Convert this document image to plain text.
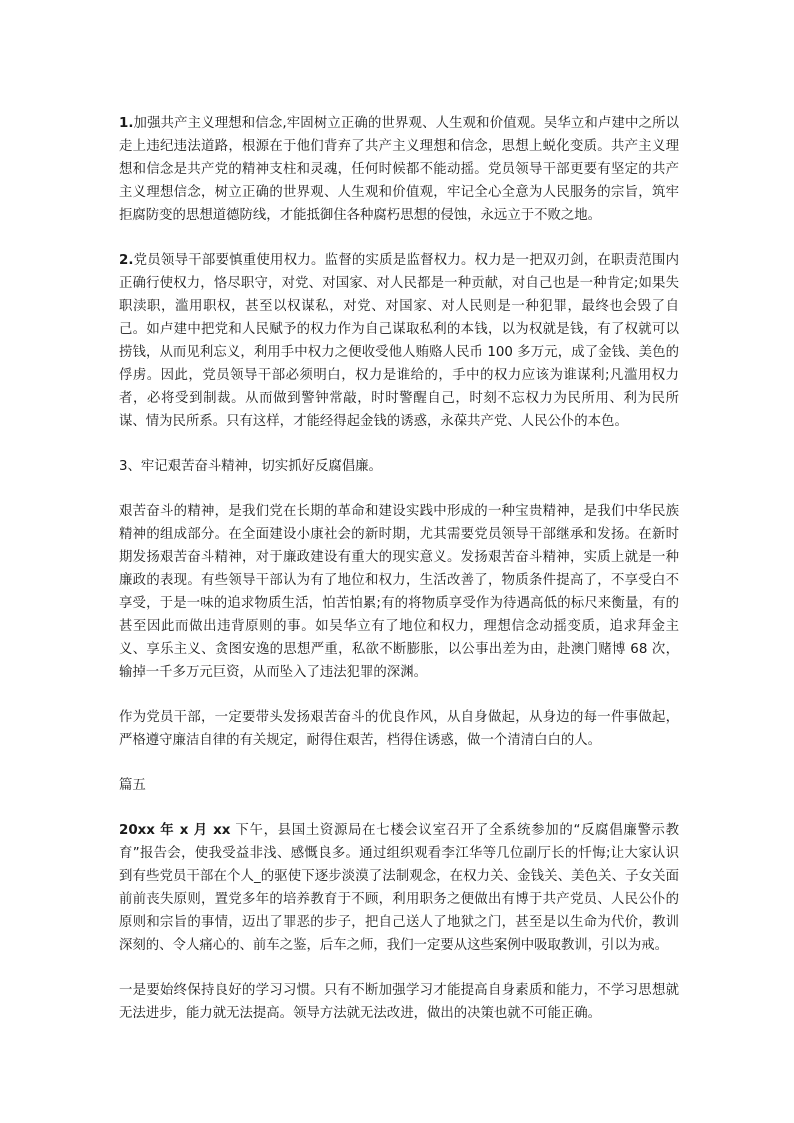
1.加强共产主义理想和信念,牢固树立正确的世界观、人生观和价值观。吴华立和卢建中之所以走上违纪违法道路，根源在于他们背弃了共产主义理想和信念，思想上蜕化变质。共产主义理想和信念是共产党的精神支柱和灵魂，任何时候都不能动摇。党员领导干部更要有坚定的共产主义理想信念，树立正确的世界观、人生观和价值观，牢记全心全意为人民服务的宗旨，筑牢拒腐防变的思想道德防线，才能抵御住各种腐朽思想的侵蚀，永远立于不败之地。

2.党员领导干部要慎重使用权力。监督的实质是监督权力。权力是一把双刃剑，在职责范围内正确行使权力，恪尽职守，对党、对国家、对人民都是一种贡献，对自己也是一种肯定;如果失职渎职，滥用职权，甚至以权谋私，对党、对国家、对人民则是一种犯罪，最终也会毁了自己。如卢建中把党和人民赋予的权力作为自己谋取私利的本钱，以为权就是钱，有了权就可以捞钱，从而见利忘义，利用手中权力之便收受他人贿赂人民币 100 多万元，成了金钱、美色的俘虏。因此，党员领导干部必须明白，权力是谁给的，手中的权力应该为谁谋利;凡滥用权力者，必将受到制裁。从而做到警钟常敲，时时警醒自己，时刻不忘权力为民所用、利为民所谋、情为民所系。只有这样，才能经得起金钱的诱惑，永葆共产党、人民公仆的本色。

3、牢记艰苦奋斗精神，切实抓好反腐倡廉。

艰苦奋斗的精神，是我们党在长期的革命和建设实践中形成的一种宝贵精神，是我们中华民族精神的组成部分。在全面建设小康社会的新时期，尤其需要党员领导干部继承和发扬。在新时期发扬艰苦奋斗精神，对于廉政建设有重大的现实意义。发扬艰苦奋斗精神，实质上就是一种廉政的表现。有些领导干部认为有了地位和权力，生活改善了，物质条件提高了，不享受白不享受，于是一味的追求物质生活，怕苦怕累;有的将物质享受作为待遇高低的标尺来衡量，有的甚至因此而做出违背原则的事。如吴华立有了地位和权力，理想信念动摇变质，追求拜金主义、享乐主义、贪图安逸的思想严重，私欲不断膨胀，以公事出差为由，赴澳门赌博 68 次，输掉一千多万元巨资，从而坠入了违法犯罪的深渊。

作为党员干部，一定要带头发扬艰苦奋斗的优良作风，从自身做起，从身边的每一件事做起，严格遵守廉洁自律的有关规定，耐得住艰苦，档得住诱惑，做一个清清白白的人。

篇五

20xx 年 x 月 xx 下午，县国土资源局在七楼会议室召开了全系统参加的“反腐倡廉警示教育”报告会，使我受益非浅、感慨良多。通过组织观看李江华等几位副厅长的忏悔;让大家认识到有些党员干部在个人_的驱使下逐步淡漠了法制观念，在权力关、金钱关、美色关、子女关面前前丧失原则，置党多年的培养教育于不顾，利用职务之便做出有博于共产党员、人民公仆的原则和宗旨的事情，迈出了罪恶的步子，把自己送人了地狱之门，甚至是以生命为代价，教训深刻的、令人痛心的、前车之鉴，后车之师，我们一定要从这些案例中吸取教训，引以为戒。

一是要始终保持良好的学习习惯。只有不断加强学习才能提高自身素质和能力，不学习思想就无法进步，能力就无法提高。领导方法就无法改进，做出的决策也就不可能正确。
